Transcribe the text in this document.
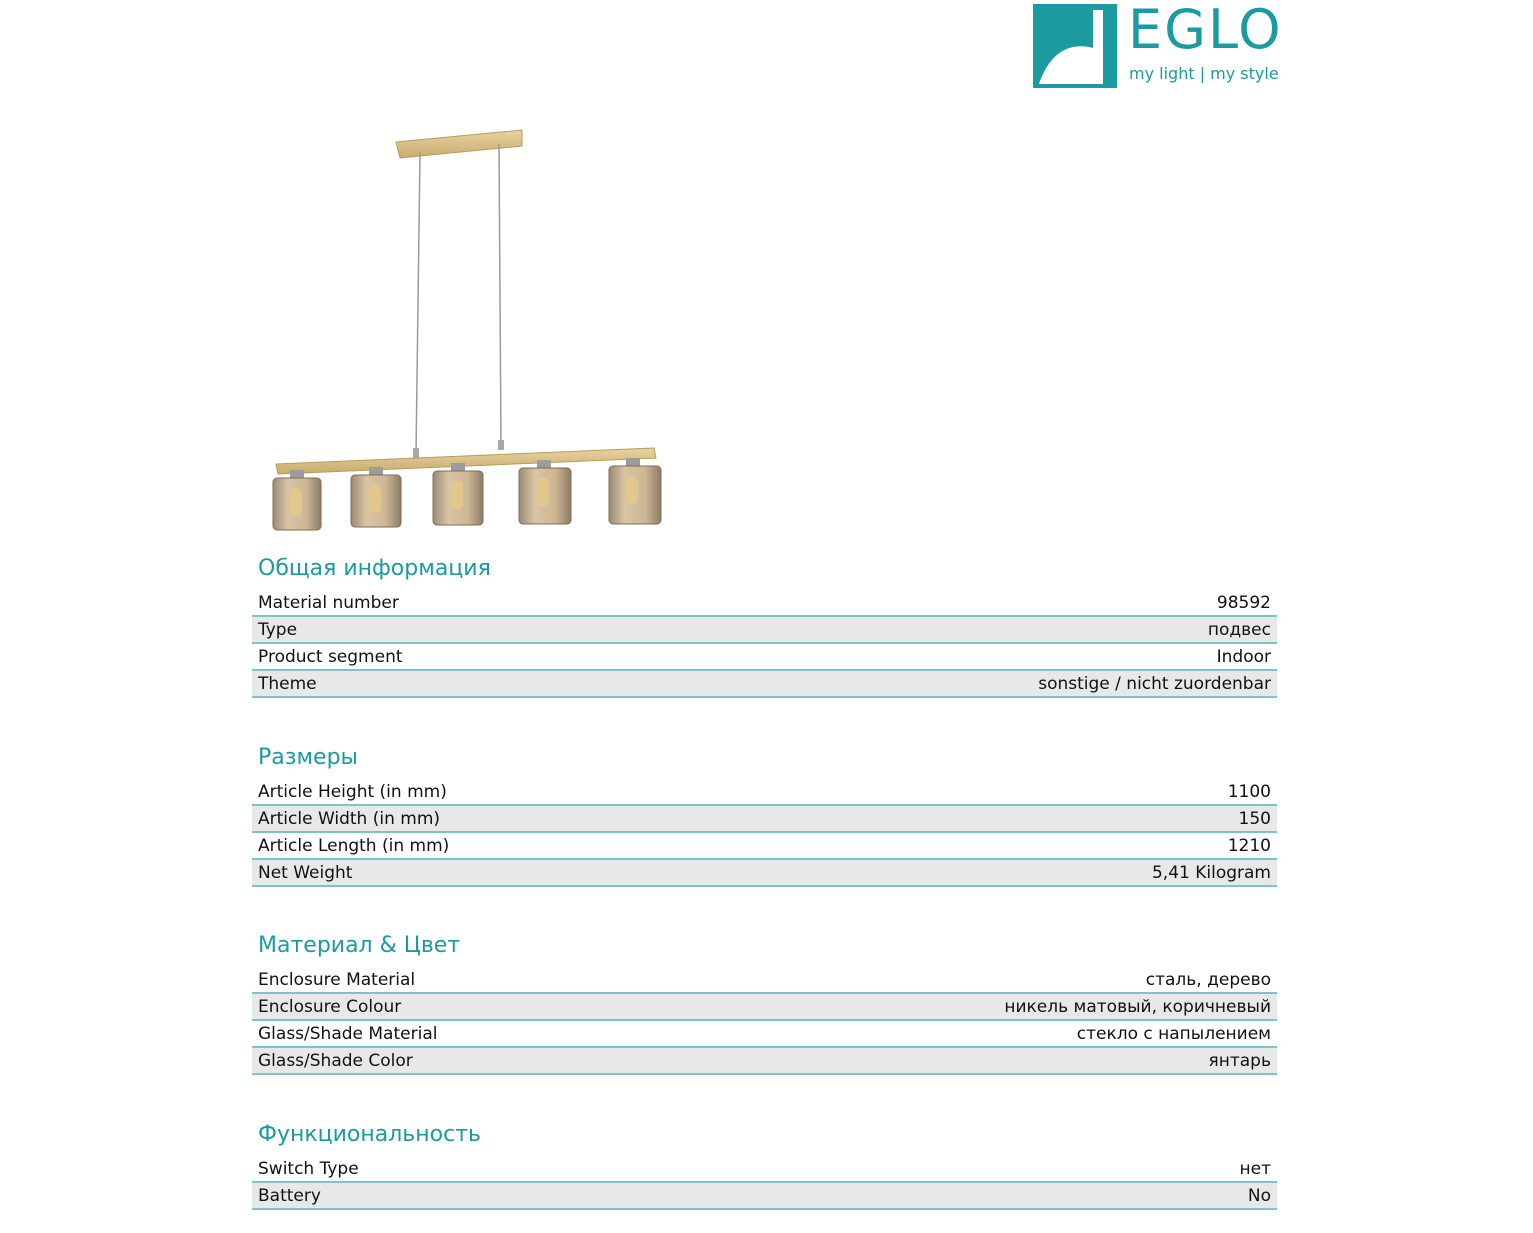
EGLO
my light | my style
Общая информация
Material number	98592
Type	подвес
Product segment	Indoor
Theme	sonstige / nicht zuordenbar
Размеры
Article Height (in mm)	1100
Article Width (in mm)	150
Article Length (in mm)	1210
Net Weight	5,41 Kilogram
Материал & Цвет
Enclosure Material	сталь, дерево
Enclosure Colour	никель матовый, коричневый
Glass/Shade Material	стекло с напылением
Glass/Shade Color	янтарь
Функциональность
Switch Type	нет
Battery	No
